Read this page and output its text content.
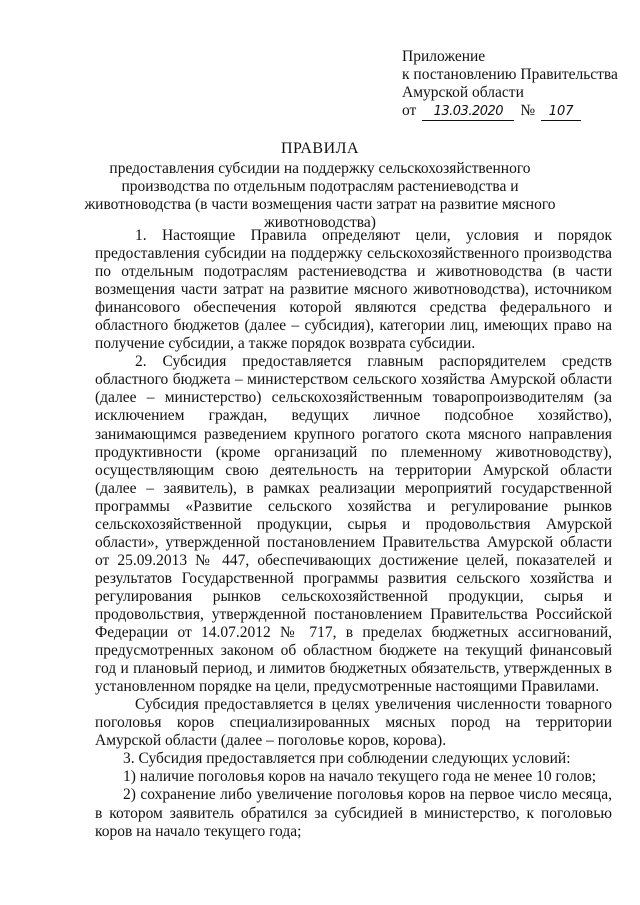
Приложение
к постановлению Правительства
Амурской области
от 13.03.2020 № 107
ПРАВИЛА
предоставления субсидии на поддержку сельскохозяйственного производства по отдельным подотраслям растениеводства и животноводства (в части возмещения части затрат на развитие мясного животноводства)

1. Настоящие Правила определяют цели, условия и порядок предоставления субсидии на поддержку сельскохозяйственного производства по отдельным подотраслям растениеводства и животноводства (в части возмещения части затрат на развитие мясного животноводства), источником финансового обеспечения которой являются средства федерального и областного бюджетов (далее – субсидия), категории лиц, имеющих право на получение субсидии, а также порядок возврата субсидии.

2. Субсидия предоставляется главным распорядителем средств областного бюджета – министерством сельского хозяйства Амурской области (далее – министерство) сельскохозяйственным товаропроизводителям (за исключением граждан, ведущих личное подсобное хозяйство), занимающимся разведением крупного рогатого скота мясного направления продуктивности (кроме организаций по племенному животноводству), осуществляющим свою деятельность на территории Амурской области (далее – заявитель), в рамках реализации мероприятий государственной программы «Развитие сельского хозяйства и регулирование рынков сельскохозяйственной продукции, сырья и продовольствия Амурской области», утвержденной постановлением Правительства Амурской области от 25.09.2013 № 447, обеспечивающих достижение целей, показателей и результатов Государственной программы развития сельского хозяйства и регулирования рынков сельскохозяйственной продукции, сырья и продовольствия, утвержденной постановлением Правительства Российской Федерации от 14.07.2012 № 717, в пределах бюджетных ассигнований, предусмотренных законом об областном бюджете на текущий финансовый год и плановый период, и лимитов бюджетных обязательств, утвержденных в установленном порядке на цели, предусмотренные настоящими Правилами.

Субсидия предоставляется в целях увеличения численности товарного поголовья коров специализированных мясных пород на территории Амурской области (далее – поголовье коров, корова).

3. Субсидия предоставляется при соблюдении следующих условий:

1) наличие поголовья коров на начало текущего года не менее 10 голов;

2) сохранение либо увеличение поголовья коров на первое число месяца, в котором заявитель обратился за субсидией в министерство, к поголовью коров на начало текущего года;
